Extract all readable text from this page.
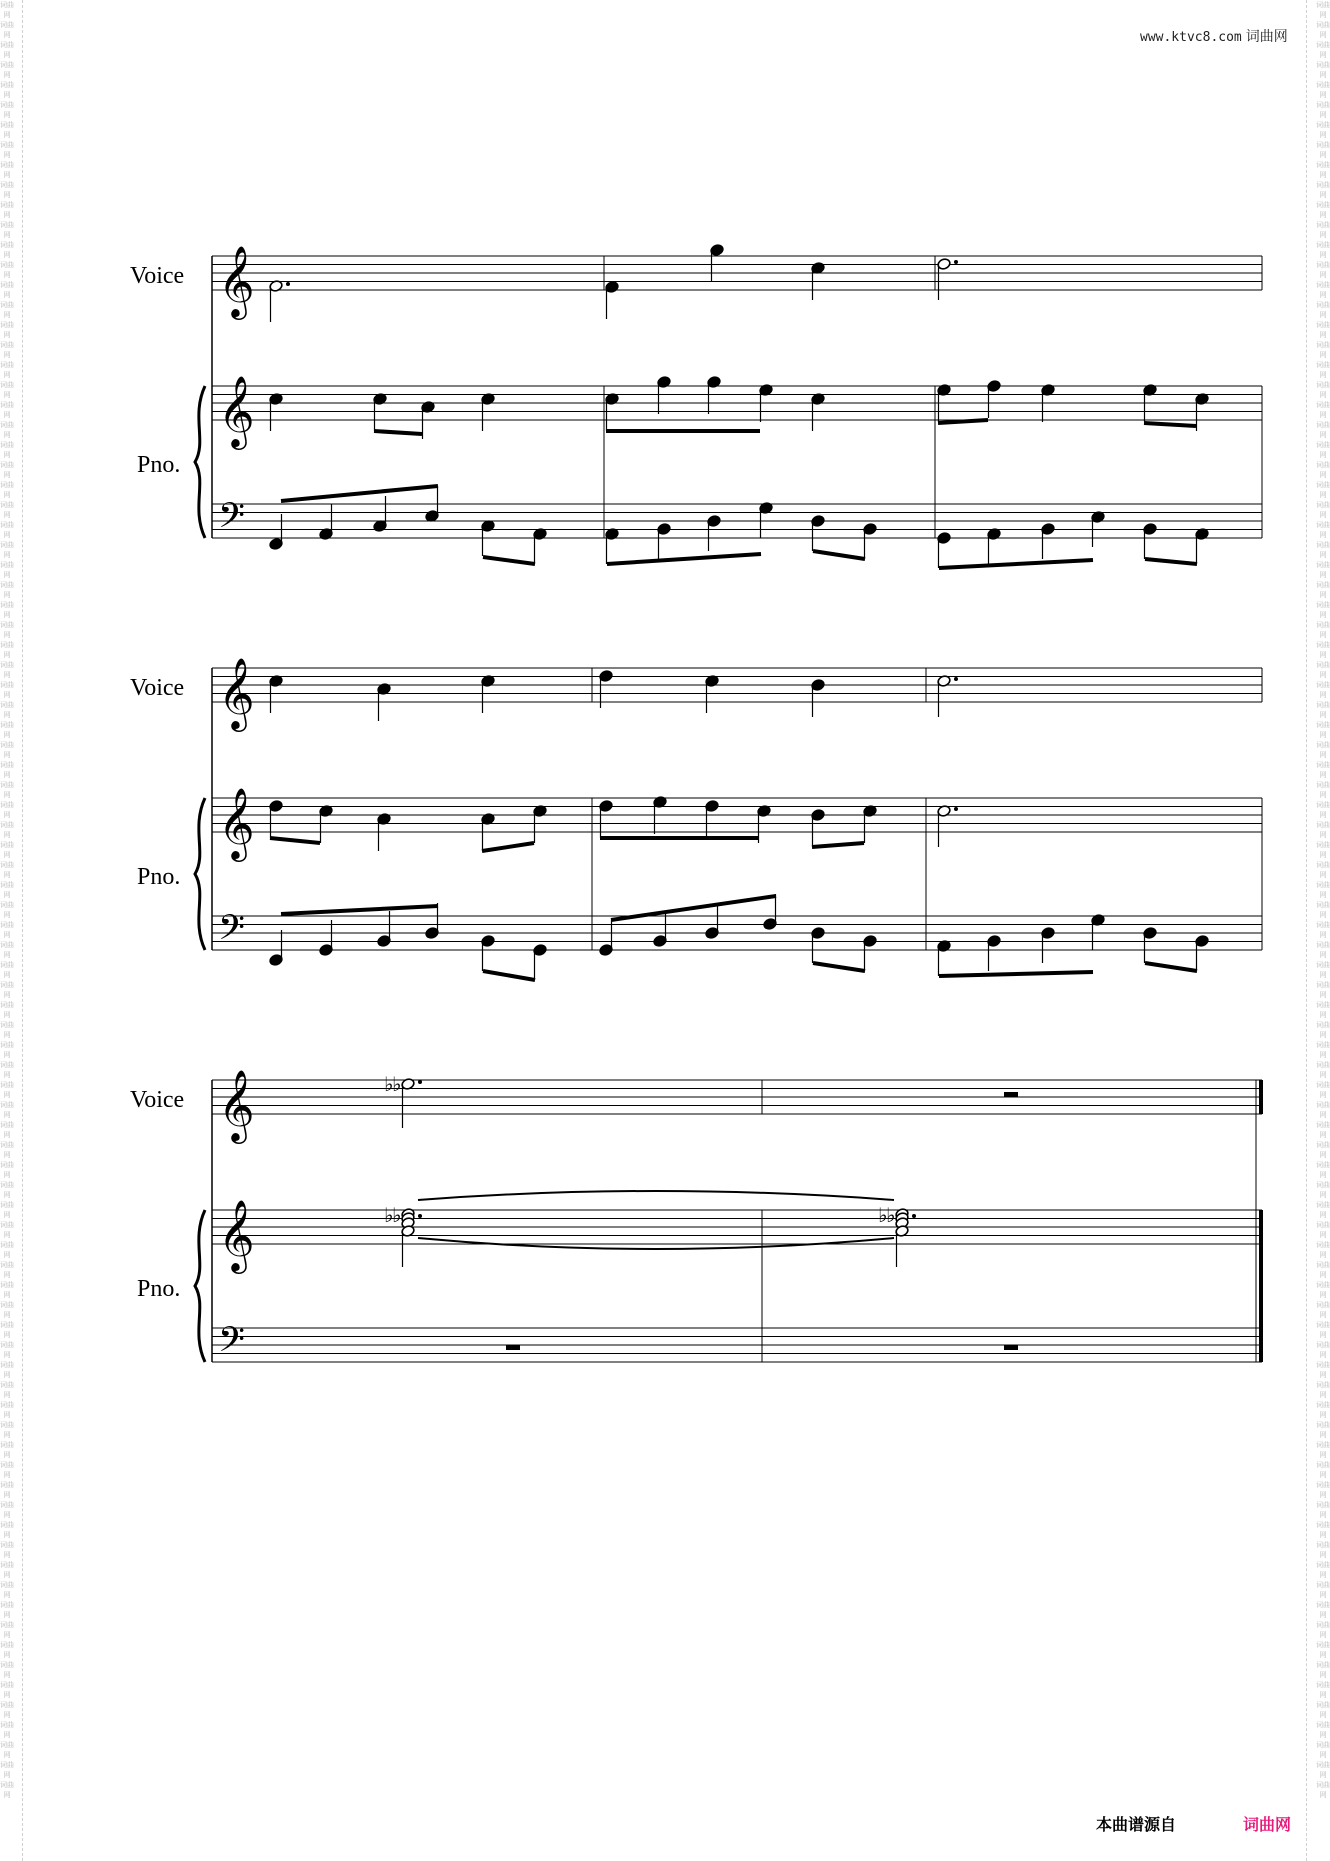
词曲网 词曲网 词曲网 词曲网 词曲网 词曲网 词曲网 词曲网 词曲网 词曲网 词曲网 词曲网 词曲网 词曲网 词曲网 词曲网 词曲网 词曲网 词曲网 词曲网 词曲网 词曲网 词曲网 词曲网 词曲网 词曲网 词曲网 词曲网 词曲网 词曲网 词曲网 词曲网 词曲网 词曲网 词曲网 词曲网 词曲网 词曲网 词曲网 词曲网 词曲网 词曲网 词曲网 词曲网 词曲网 词曲网 词曲网 词曲网 词曲网 词曲网 词曲网 词曲网 词曲网 词曲网 词曲网 词曲网 词曲网 词曲网 词曲网 词曲网 词曲网 词曲网 词曲网 词曲网 词曲网 词曲网 词曲网 词曲网 词曲网 词曲网 词曲网 词曲网 词曲网 词曲网 词曲网 词曲网 词曲网 词曲网 词曲网 词曲网 词曲网 词曲网 词曲网 词曲网 词曲网 词曲网 词曲网 词曲网 词曲网 词曲网
词曲网 词曲网 词曲网 词曲网 词曲网 词曲网 词曲网 词曲网 词曲网 词曲网 词曲网 词曲网 词曲网 词曲网 词曲网 词曲网 词曲网 词曲网 词曲网 词曲网 词曲网 词曲网 词曲网 词曲网 词曲网 词曲网 词曲网 词曲网 词曲网 词曲网 词曲网 词曲网 词曲网 词曲网 词曲网 词曲网 词曲网 词曲网 词曲网 词曲网 词曲网 词曲网 词曲网 词曲网 词曲网 词曲网 词曲网 词曲网 词曲网 词曲网 词曲网 词曲网 词曲网 词曲网 词曲网 词曲网 词曲网 词曲网 词曲网 词曲网 词曲网 词曲网 词曲网 词曲网 词曲网 词曲网 词曲网 词曲网 词曲网 词曲网 词曲网 词曲网 词曲网 词曲网 词曲网 词曲网 词曲网 词曲网 词曲网 词曲网 词曲网 词曲网 词曲网 词曲网 词曲网 词曲网 词曲网 词曲网 词曲网 词曲网
www.ktvc8.com 词曲网
𝄞
𝄞
𝄢
𝄞
𝄞
𝄢
𝄞
𝄞
𝄢
♭
♭
♭
♭	♭
♭
Voice
Pno.
Voice
Pno.
Voice
Pno.
本曲谱源自	词曲网
